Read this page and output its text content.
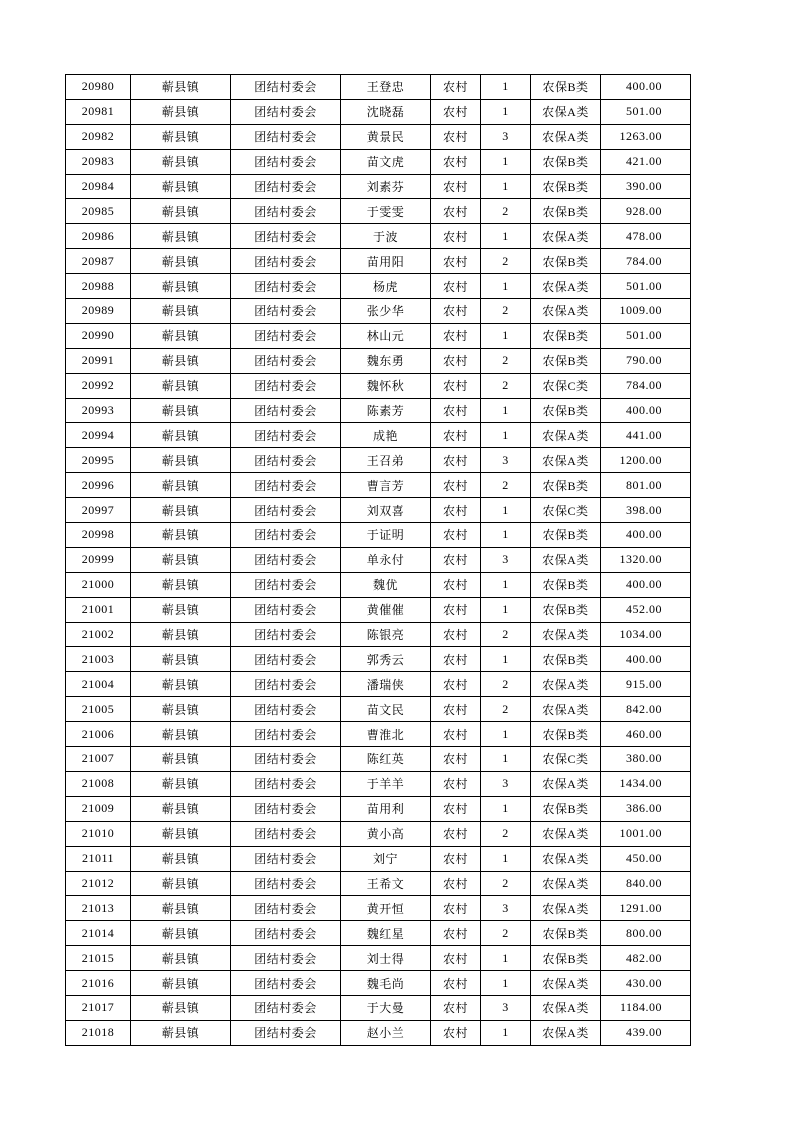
20980	蕲县镇	团结村委会	王登忠	农村	1	农保B类	400.00
20981	蕲县镇	团结村委会	沈晓磊	农村	1	农保A类	501.00
20982	蕲县镇	团结村委会	黄景民	农村	3	农保A类	1263.00
20983	蕲县镇	团结村委会	苗文虎	农村	1	农保B类	421.00
20984	蕲县镇	团结村委会	刘素芬	农村	1	农保B类	390.00
20985	蕲县镇	团结村委会	于雯雯	农村	2	农保B类	928.00
20986	蕲县镇	团结村委会	于波	农村	1	农保A类	478.00
20987	蕲县镇	团结村委会	苗用阳	农村	2	农保B类	784.00
20988	蕲县镇	团结村委会	杨虎	农村	1	农保A类	501.00
20989	蕲县镇	团结村委会	张少华	农村	2	农保A类	1009.00
20990	蕲县镇	团结村委会	林山元	农村	1	农保B类	501.00
20991	蕲县镇	团结村委会	魏东勇	农村	2	农保B类	790.00
20992	蕲县镇	团结村委会	魏怀秋	农村	2	农保C类	784.00
20993	蕲县镇	团结村委会	陈素芳	农村	1	农保B类	400.00
20994	蕲县镇	团结村委会	成艳	农村	1	农保A类	441.00
20995	蕲县镇	团结村委会	王召弟	农村	3	农保A类	1200.00
20996	蕲县镇	团结村委会	曹言芳	农村	2	农保B类	801.00
20997	蕲县镇	团结村委会	刘双喜	农村	1	农保C类	398.00
20998	蕲县镇	团结村委会	于证明	农村	1	农保B类	400.00
20999	蕲县镇	团结村委会	单永付	农村	3	农保A类	1320.00
21000	蕲县镇	团结村委会	魏优	农村	1	农保B类	400.00
21001	蕲县镇	团结村委会	黄催催	农村	1	农保B类	452.00
21002	蕲县镇	团结村委会	陈银亮	农村	2	农保A类	1034.00
21003	蕲县镇	团结村委会	郭秀云	农村	1	农保B类	400.00
21004	蕲县镇	团结村委会	潘瑞侠	农村	2	农保A类	915.00
21005	蕲县镇	团结村委会	苗文民	农村	2	农保A类	842.00
21006	蕲县镇	团结村委会	曹淮北	农村	1	农保B类	460.00
21007	蕲县镇	团结村委会	陈红英	农村	1	农保C类	380.00
21008	蕲县镇	团结村委会	于羊羊	农村	3	农保A类	1434.00
21009	蕲县镇	团结村委会	苗用利	农村	1	农保B类	386.00
21010	蕲县镇	团结村委会	黄小高	农村	2	农保A类	1001.00
21011	蕲县镇	团结村委会	刘宁	农村	1	农保A类	450.00
21012	蕲县镇	团结村委会	王希文	农村	2	农保A类	840.00
21013	蕲县镇	团结村委会	黄开恒	农村	3	农保A类	1291.00
21014	蕲县镇	团结村委会	魏红星	农村	2	农保B类	800.00
21015	蕲县镇	团结村委会	刘士得	农村	1	农保B类	482.00
21016	蕲县镇	团结村委会	魏毛尚	农村	1	农保A类	430.00
21017	蕲县镇	团结村委会	于大曼	农村	3	农保A类	1184.00
21018	蕲县镇	团结村委会	赵小兰	农村	1	农保A类	439.00
